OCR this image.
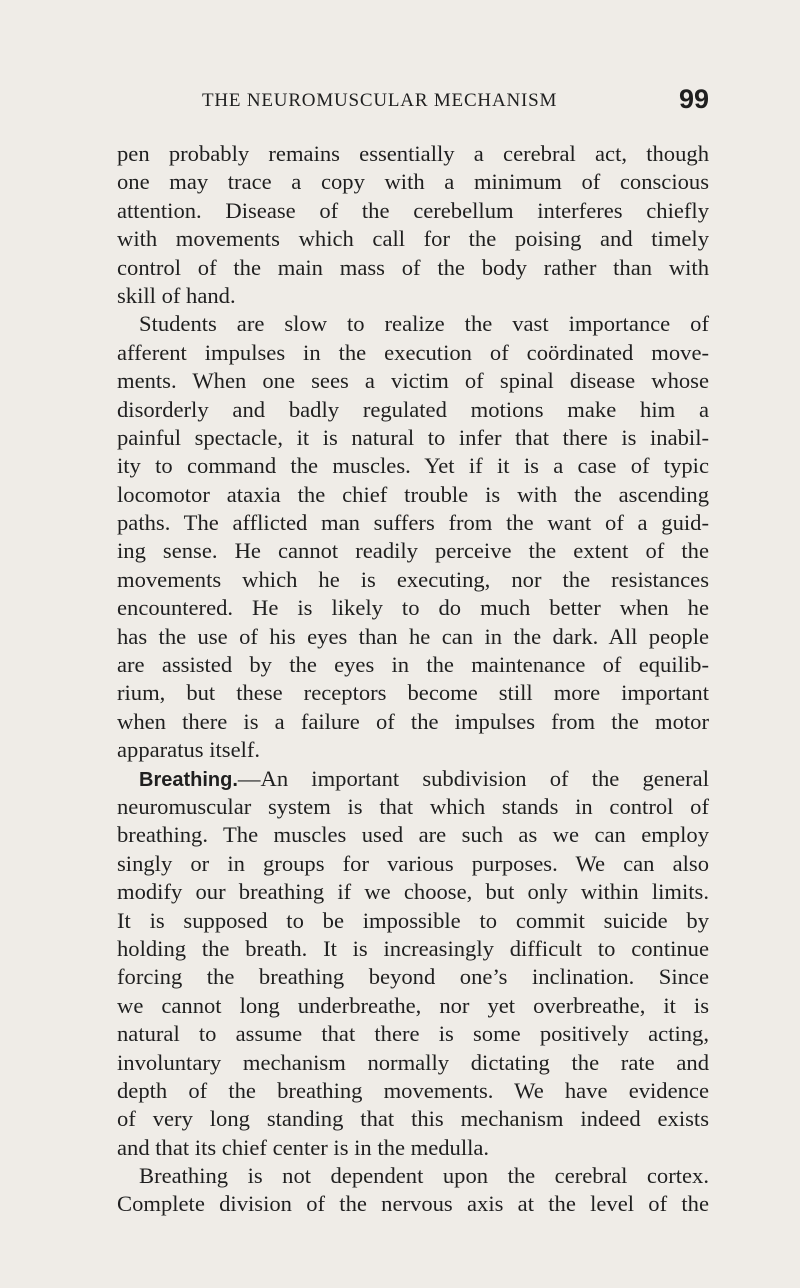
THE NEUROMUSCULAR MECHANISM	99
pen probably remains essentially a cerebral act, though
one may trace a copy with a minimum of conscious
attention. Disease of the cerebellum interferes chiefly
with movements which call for the poising and timely
control of the main mass of the body rather than with
skill of hand.
Students are slow to realize the vast importance of
afferent impulses in the execution of coördinated move-
ments. When one sees a victim of spinal disease whose
disorderly and badly regulated motions make him a
painful spectacle, it is natural to infer that there is inabil-
ity to command the muscles. Yet if it is a case of typic
locomotor ataxia the chief trouble is with the ascending
paths. The afflicted man suffers from the want of a guid-
ing sense. He cannot readily perceive the extent of the
movements which he is executing, nor the resistances
encountered. He is likely to do much better when he
has the use of his eyes than he can in the dark. All people
are assisted by the eyes in the maintenance of equilib-
rium, but these receptors become still more important
when there is a failure of the impulses from the motor
apparatus itself.
Breathing.—An important subdivision of the general
neuromuscular system is that which stands in control of
breathing. The muscles used are such as we can employ
singly or in groups for various purposes. We can also
modify our breathing if we choose, but only within limits.
It is supposed to be impossible to commit suicide by
holding the breath. It is increasingly difficult to continue
forcing the breathing beyond one’s inclination. Since
we cannot long underbreathe, nor yet overbreathe, it is
natural to assume that there is some positively acting,
involuntary mechanism normally dictating the rate and
depth of the breathing movements. We have evidence
of very long standing that this mechanism indeed exists
and that its chief center is in the medulla.
Breathing is not dependent upon the cerebral cortex.
Complete division of the nervous axis at the level of the
